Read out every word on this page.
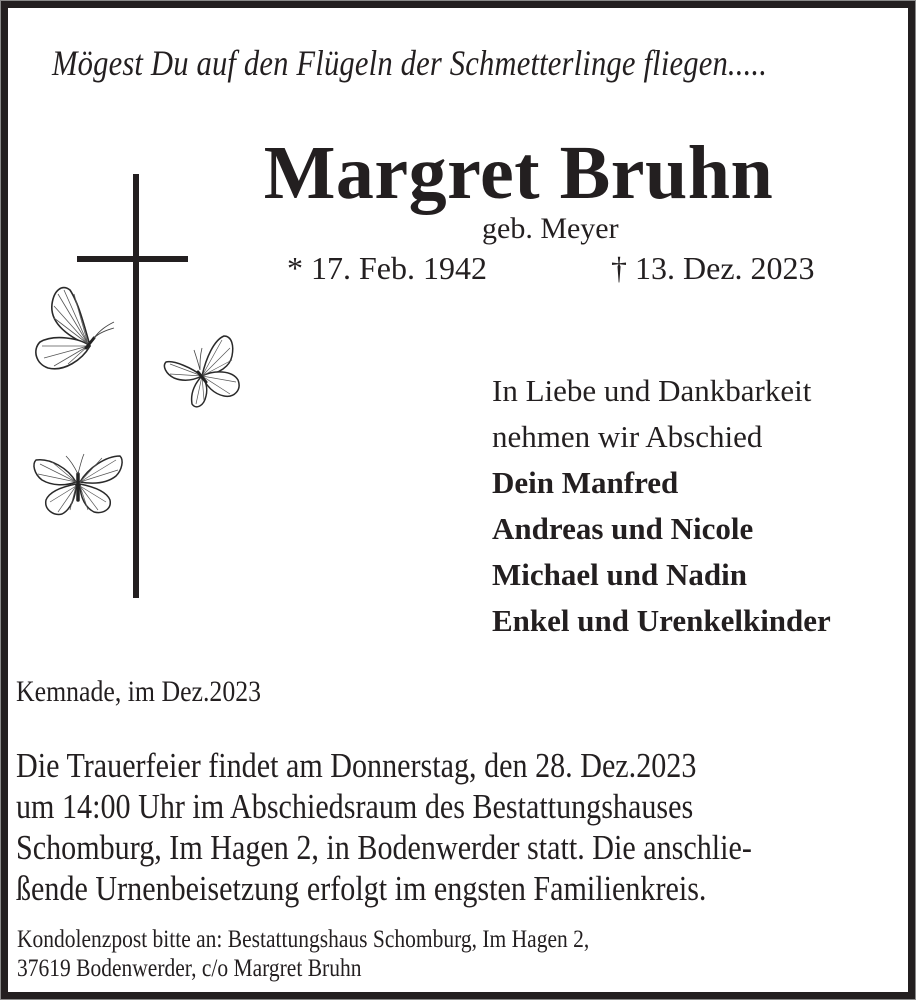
Mögest Du auf den Flügeln der Schmetterlinge fliegen.....
Margret Bruhn
geb. Meyer
* 17. Feb. 1942	† 13. Dez. 2023
In Liebe und Dankbarkeit
nehmen wir Abschied
Dein Manfred
Andreas und Nicole
Michael und Nadin
Enkel und Urenkelkinder
Kemnade, im Dez.2023
Die Trauerfeier findet am Donnerstag, den 28. Dez.2023
um 14:00 Uhr im Abschiedsraum des Bestattungshauses
Schomburg, Im Hagen 2, in Bodenwerder statt. Die anschlie-
ßende Urnenbeisetzung erfolgt im engsten Familienkreis.
Kondolenzpost bitte an: Bestattungshaus Schomburg, Im Hagen 2,
37619 Bodenwerder, c/o Margret Bruhn
